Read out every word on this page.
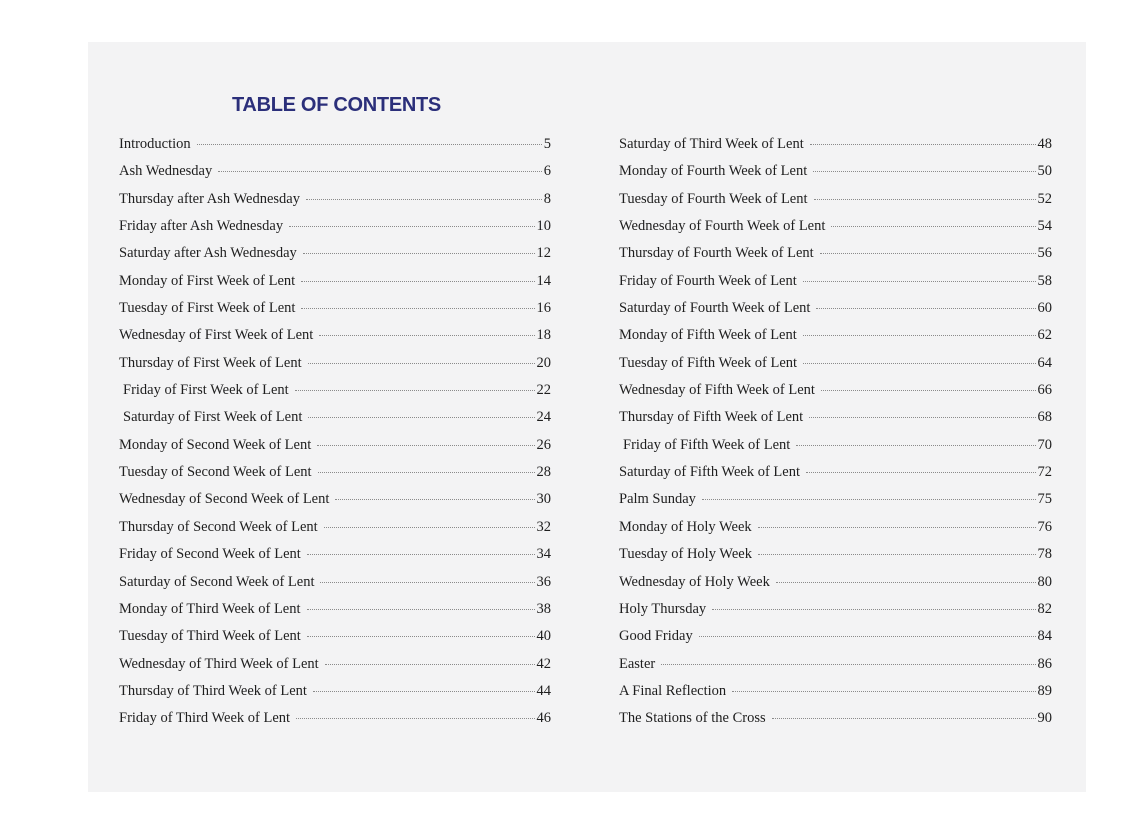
TABLE OF CONTENTS
Introduction	5
Ash Wednesday	6
Thursday after Ash Wednesday	8
Friday after Ash Wednesday	10
Saturday after Ash Wednesday	12
Monday of First Week of Lent	14
Tuesday of First Week of Lent	16
Wednesday of First Week of Lent	18
Thursday of First Week of Lent	20
Friday of First Week of Lent	22
Saturday of First Week of Lent	24
Monday of Second Week of Lent	26
Tuesday of Second Week of Lent	28
Wednesday of Second Week of Lent	30
Thursday of Second Week of Lent	32
Friday of Second Week of Lent	34
Saturday of Second Week of Lent	36
Monday of Third Week of Lent	38
Tuesday of Third Week of Lent	40
Wednesday of Third Week of Lent	42
Thursday of Third Week of Lent	44
Friday of Third Week of Lent	46
Saturday of Third Week of Lent	48
Monday of Fourth Week of Lent	50
Tuesday of Fourth Week of Lent	52
Wednesday of Fourth Week of Lent	54
Thursday of Fourth Week of Lent	56
Friday of Fourth Week of Lent	58
Saturday of Fourth Week of Lent	60
Monday of Fifth Week of Lent	62
Tuesday of Fifth Week of Lent	64
Wednesday of Fifth Week of Lent	66
Thursday of Fifth Week of Lent	68
Friday of Fifth Week of Lent	70
Saturday of Fifth Week of Lent	72
Palm Sunday	75
Monday of Holy Week	76
Tuesday of Holy Week	78
Wednesday of Holy Week	80
Holy Thursday	82
Good Friday	84
Easter	86
A Final Reflection	89
The Stations of the Cross	90
